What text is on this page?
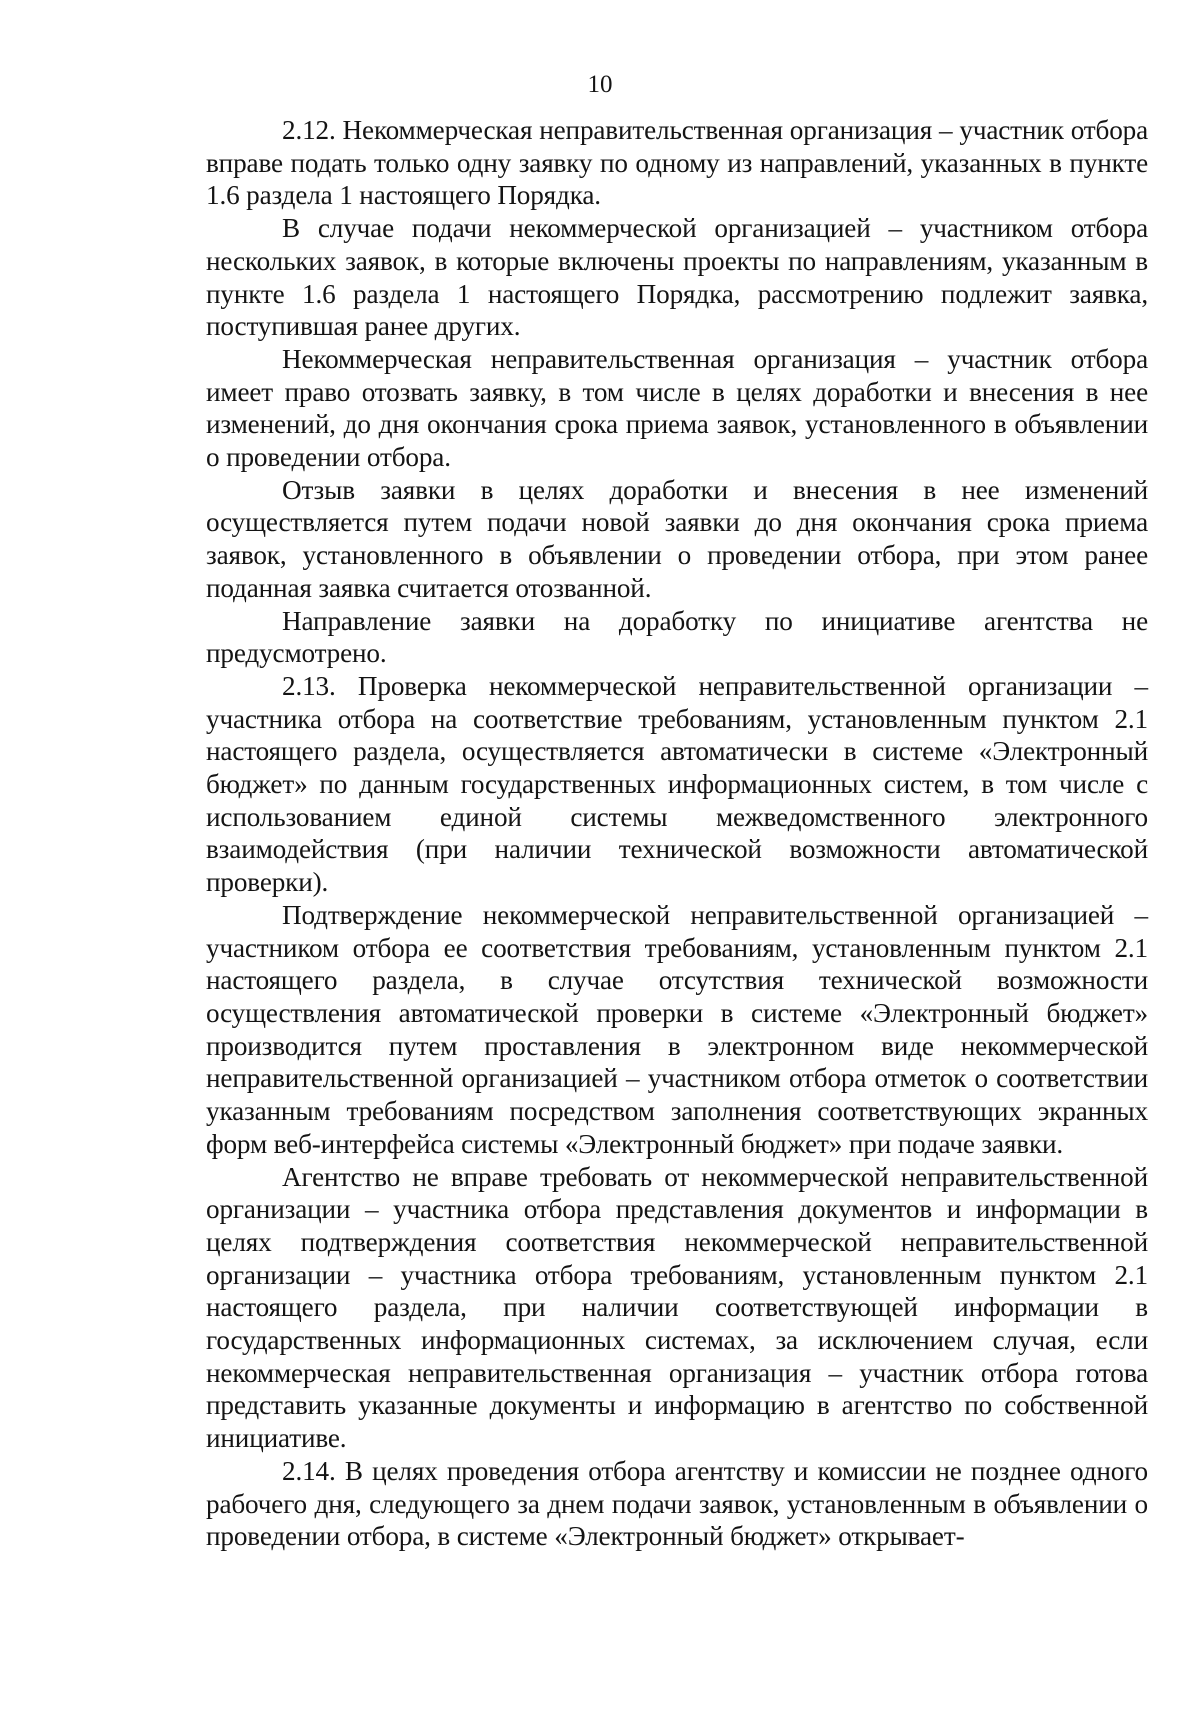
10

2.12. Некоммерческая неправительственная организация – участник отбора вправе подать только одну заявку по одному из направлений, указанных в пункте 1.6 раздела 1 настоящего Порядка.

В случае подачи некоммерческой организацией – участником отбора нескольких заявок, в которые включены проекты по направлениям, указанным в пункте 1.6 раздела 1 настоящего Порядка, рассмотрению подлежит заявка, поступившая ранее других.

Некоммерческая неправительственная организация – участник отбора имеет право отозвать заявку, в том числе в целях доработки и внесения в нее изменений, до дня окончания срока приема заявок, установленного в объявлении о проведении отбора.

Отзыв заявки в целях доработки и внесения в нее изменений осуществляется путем подачи новой заявки до дня окончания срока приема заявок, установленного в объявлении о проведении отбора, при этом ранее поданная заявка считается отозванной.

Направление заявки на доработку по инициативе агентства не предусмотрено.

2.13. Проверка некоммерческой неправительственной организации – участника отбора на соответствие требованиям, установленным пунктом 2.1 настоящего раздела, осуществляется автоматически в системе «Электронный бюджет» по данным государственных информационных систем, в том числе с использованием единой системы межведомственного электронного взаимодействия (при наличии технической возможности автоматической проверки).

Подтверждение некоммерческой неправительственной организацией – участником отбора ее соответствия требованиям, установленным пунктом 2.1 настоящего раздела, в случае отсутствия технической возможности осуществления автоматической проверки в системе «Электронный бюджет» производится путем проставления в электронном виде некоммерческой неправительственной организацией – участником отбора отметок о соответствии указанным требованиям посредством заполнения соответствующих экранных форм веб-интерфейса системы «Электронный бюджет» при подаче заявки.

Агентство не вправе требовать от некоммерческой неправительственной организации – участника отбора представления документов и информации в целях подтверждения соответствия некоммерческой неправительственной организации – участника отбора требованиям, установленным пунктом 2.1 настоящего раздела, при наличии соответствующей информации в государственных информационных системах, за исключением случая, если некоммерческая неправительственная организация – участник отбора готова представить указанные документы и информацию в агентство по собственной инициативе.

2.14. В целях проведения отбора агентству и комиссии не позднее одного рабочего дня, следующего за днем подачи заявок, установленным в объявлении о проведении отбора, в системе «Электронный бюджет» открывает-
